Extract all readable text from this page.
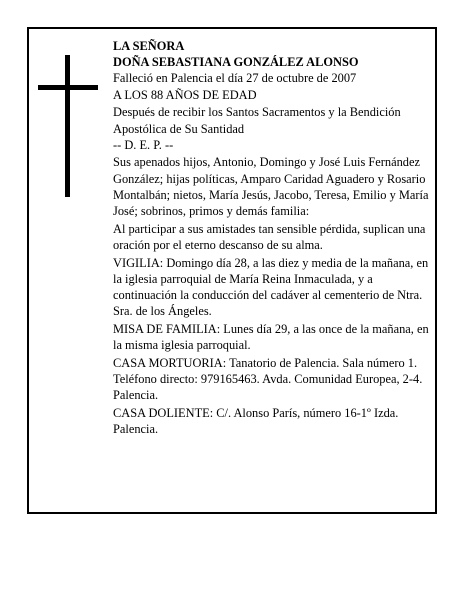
LA SEÑORA

DOÑA SEBASTIANA GONZÁLEZ ALONSO

Falleció en Palencia el día 27 de octubre de 2007

A LOS 88 AÑOS DE EDAD

Después de recibir los Santos Sacramentos y la Bendición Apostólica de Su Santidad

-- D. E. P. --

Sus apenados hijos, Antonio, Domingo y José Luis Fernández González; hijas políticas, Amparo Caridad Aguadero y Rosario Montalbán; nietos, María Jesús, Jacobo, Teresa, Emilio y María José; sobrinos, primos y demás familia:

Al participar a sus amistades tan sensible pérdida, suplican una oración por el eterno descanso de su alma.

VIGILIA: Domingo día 28, a las diez y media de la mañana, en la iglesia parroquial de María Reina Inmaculada, y a continuación la conducción del cadáver al cementerio de Ntra. Sra. de los Ángeles.

MISA DE FAMILIA: Lunes día 29, a las once de la mañana, en la misma iglesia parroquial.

CASA MORTUORIA: Tanatorio de Palencia. Sala número 1. Teléfono directo: 979165463. Avda. Comunidad Europea, 2-4. Palencia.

CASA DOLIENTE: C/. Alonso París, número 16-1º Izda. Palencia.
